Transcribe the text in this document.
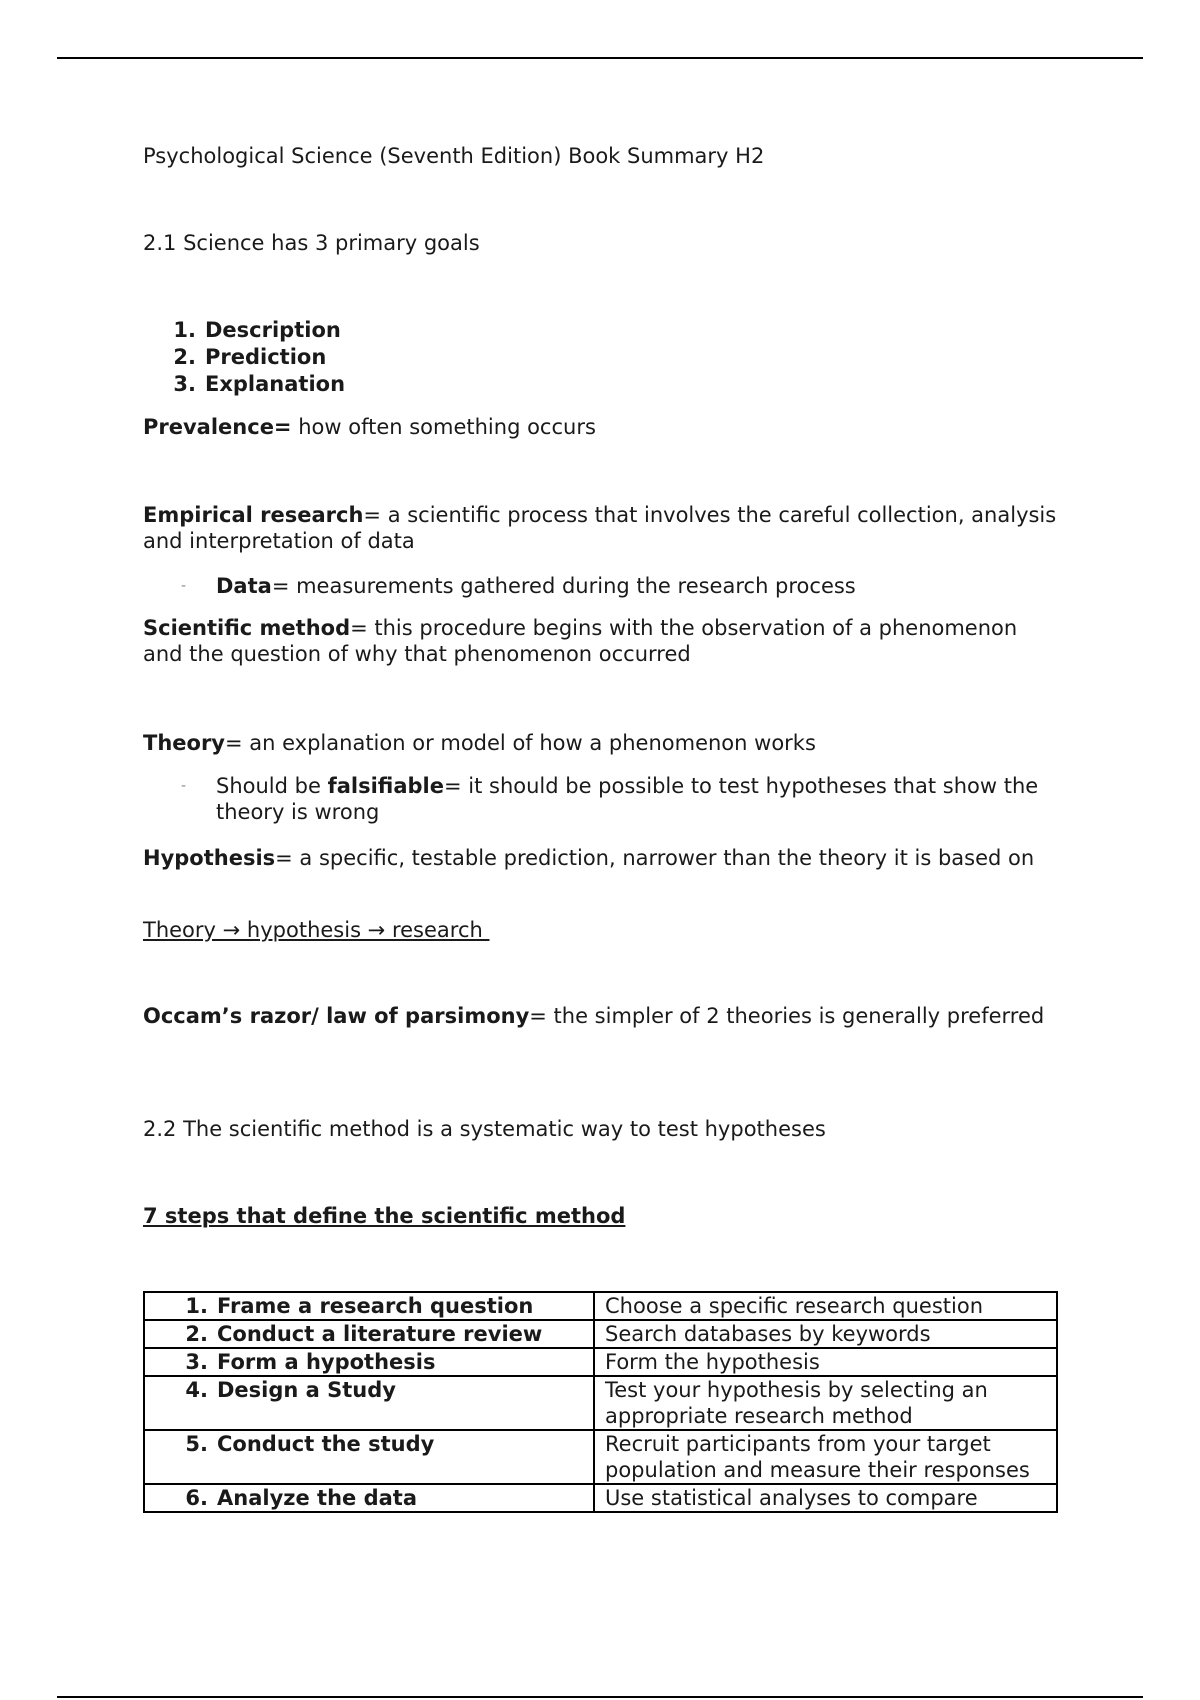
Psychological Science (Seventh Edition) Book Summary H2

2.1 Science has 3 primary goals

1. Description
2. Prediction
3. Explanation

Prevalence= how often something occurs

Empirical research= a scientific process that involves the careful collection, analysis and interpretation of data

- Data= measurements gathered during the research process

Scientific method= this procedure begins with the observation of a phenomenon and the question of why that phenomenon occurred

Theory= an explanation or model of how a phenomenon works

- Should be falsifiable= it should be possible to test hypotheses that show the theory is wrong

Hypothesis= a specific, testable prediction, narrower than the theory it is based on

Theory → hypothesis → research

Occam’s razor/ law of parsimony= the simpler of 2 theories is generally preferred

2.2 The scientific method is a systematic way to test hypotheses

7 steps that define the scientific method

1. Frame a research question	Choose a specific research question
2. Conduct a literature review	Search databases by keywords
3. Form a hypothesis	Form the hypothesis
4. Design a Study	Test your hypothesis by selecting an appropriate research method
5. Conduct the study	Recruit participants from your target population and measure their responses
6. Analyze the data	Use statistical analyses to compare
